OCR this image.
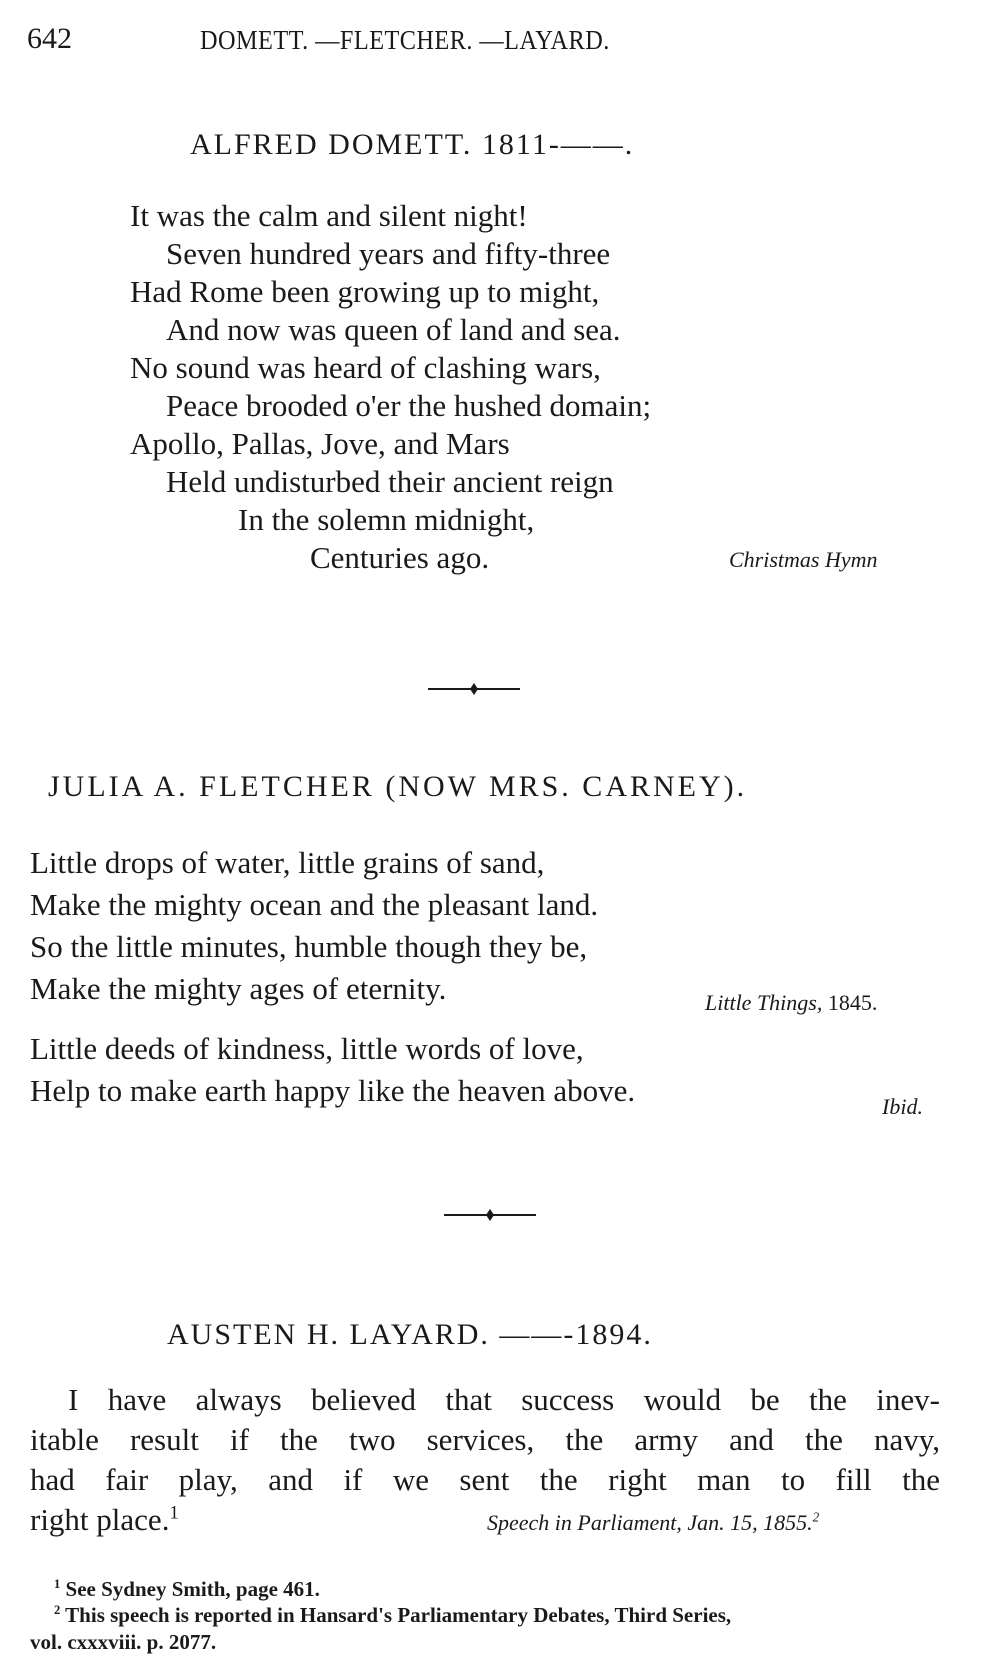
642	DOMETT. —FLETCHER. —LAYARD.
ALFRED DOMETT. 1811-——.
It was the calm and silent night!
Seven hundred years and fifty-three
Had Rome been growing up to might,
And now was queen of land and sea.
No sound was heard of clashing wars,
Peace brooded o'er the hushed domain;
Apollo, Pallas, Jove, and Mars
Held undisturbed their ancient reign
In the solemn midnight,
Centuries ago.	Christmas Hymn
JULIA A. FLETCHER (NOW MRS. CARNEY).
Little drops of water, little grains of sand,
Make the mighty ocean and the pleasant land.
So the little minutes, humble though they be,
Make the mighty ages of eternity.
Little deeds of kindness, little words of love,
Help to make earth happy like the heaven above.
Little Things, 1845.
Ibid.
AUSTEN H. LAYARD. ——-1894.
I have always believed that success would be the inev-
itable result if the two services, the army and the navy,
had fair play, and if we sent the right man to fill the
right place.$^1$	Speech in Parliament, Jan. 15, 1855.$^2$
$^1$ See Sydney Smith, page 461.
$^2$ This speech is reported in Hansard's Parliamentary Debates, Third Series,
vol. cxxxviii. p. 2077.
